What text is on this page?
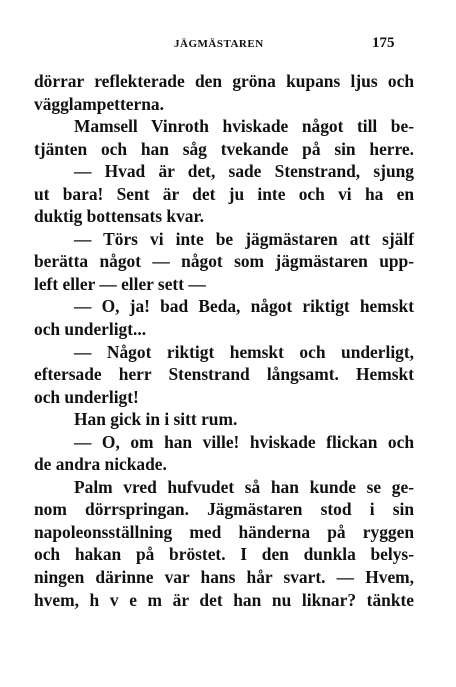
JÄGMÄSTAREN	175
dörrar reflekterade den gröna kupans ljus och
vägglampetterna.
Mamsell Vinroth hviskade något till be-
tjänten och han såg tvekande på sin herre.
— Hvad är det, sade Stenstrand, sjung
ut bara! Sent är det ju inte och vi ha en
duktig bottensats kvar.
— Törs vi inte be jägmästaren att själf
berätta något — något som jägmästaren upp-
left eller — eller sett —
— O, ja! bad Beda, något riktigt hemskt
och underligt...
— Något riktigt hemskt och underligt,
eftersade herr Stenstrand långsamt. Hemskt
och underligt!
Han gick in i sitt rum.
— O, om han ville! hviskade flickan och
de andra nickade.
Palm vred hufvudet så han kunde se ge-
nom dörrspringan. Jägmästaren stod i sin
napoleonsställning med händerna på ryggen
och hakan på bröstet. I den dunkla belys-
ningen därinne var hans hår svart. — Hvem,
hvem, h v e m är det han nu liknar? tänkte
